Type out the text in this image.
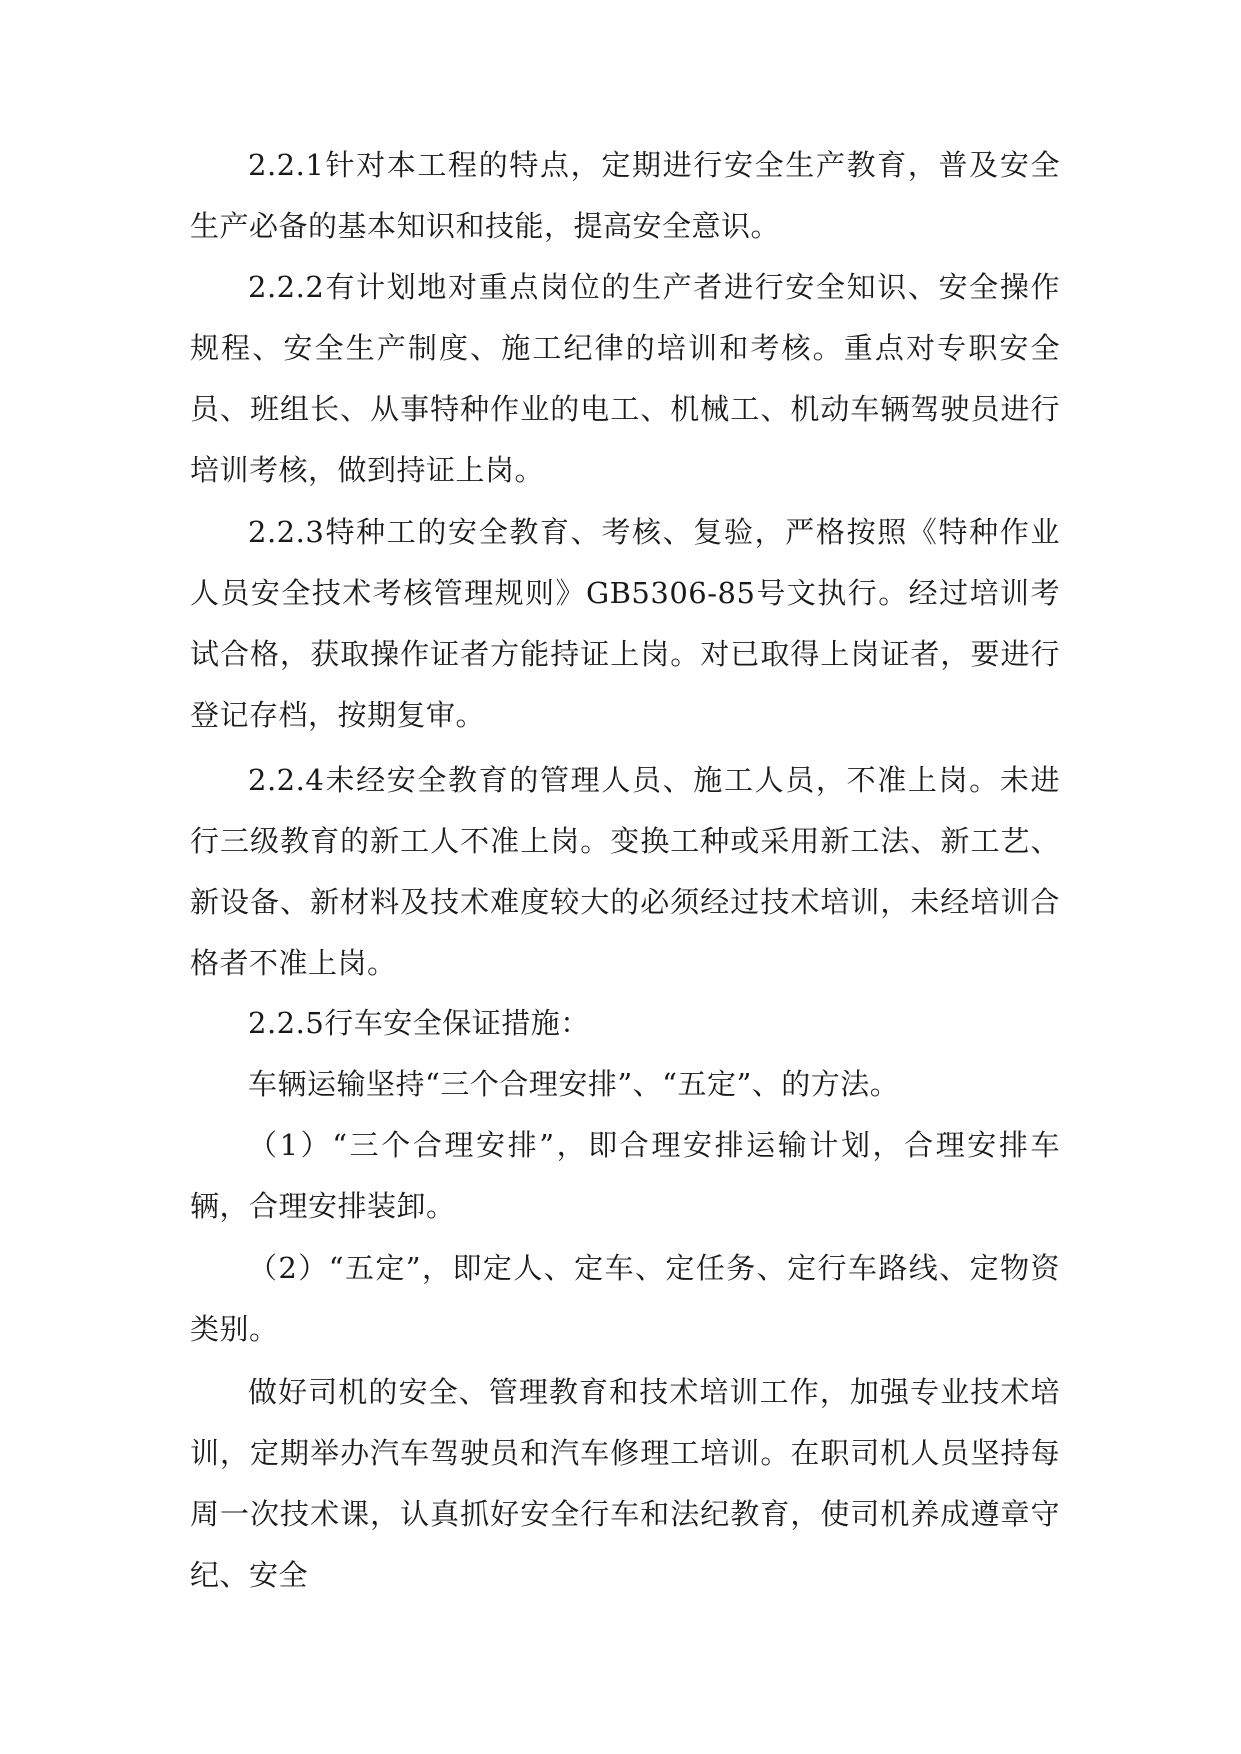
2.2.1针对本工程的特点，定期进行安全生产教育，普及安全生产必备的基本知识和技能，提高安全意识。

2.2.2有计划地对重点岗位的生产者进行安全知识、安全操作规程、安全生产制度、施工纪律的培训和考核。重点对专职安全员、班组长、从事特种作业的电工、机械工、机动车辆驾驶员进行培训考核，做到持证上岗。

2.2.3特种工的安全教育、考核、复验，严格按照《特种作业人员安全技术考核管理规则》GB5306-85号文执行。经过培训考试合格，获取操作证者方能持证上岗。对已取得上岗证者，要进行登记存档，按期复审。

2.2.4未经安全教育的管理人员、施工人员，不准上岗。未进行三级教育的新工人不准上岗。变换工种或采用新工法、新工艺、新设备、新材料及技术难度较大的必须经过技术培训，未经培训合格者不准上岗。

2.2.5行车安全保证措施：

车辆运输坚持“三个合理安排”、“五定”、的方法。

（1）“三个合理安排”，即合理安排运输计划，合理安排车辆，合理安排装卸。

（2）“五定”，即定人、定车、定任务、定行车路线、定物资类别。

做好司机的安全、管理教育和技术培训工作，加强专业技术培训，定期举办汽车驾驶员和汽车修理工培训。在职司机人员坚持每周一次技术课，认真抓好安全行车和法纪教育，使司机养成遵章守纪、安全
